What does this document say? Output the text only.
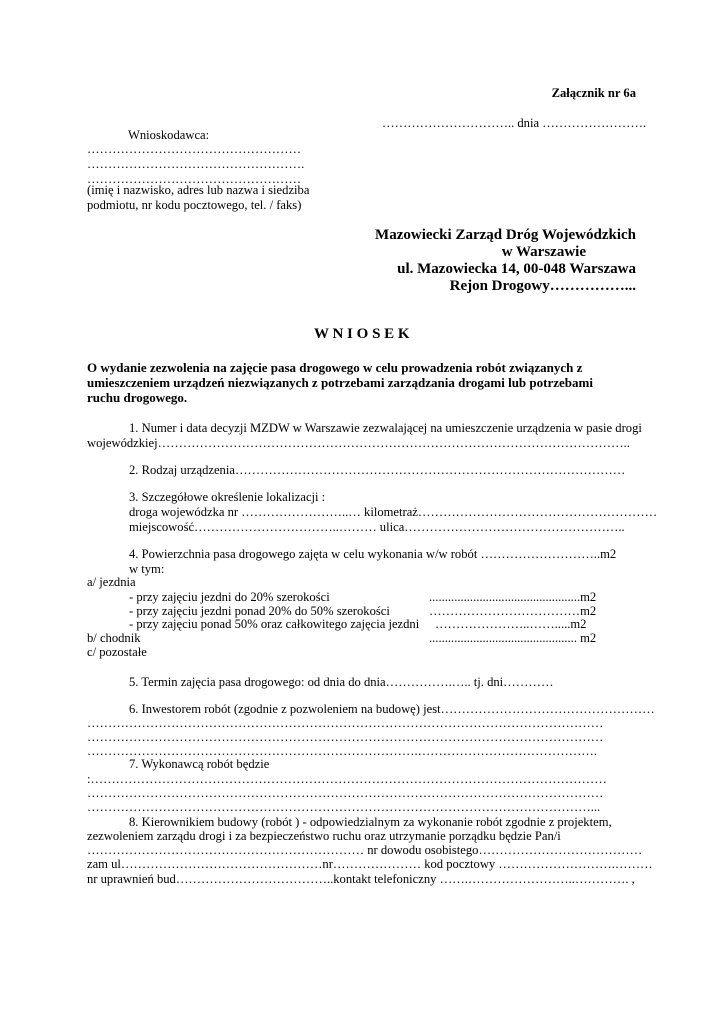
Załącznik nr 6a
………………………….. dnia …………………….
Wnioskodawca:
……………………………………………
…………………………………………….
……………………………………………
(imię i nazwisko, adres lub nazwa i siedziba
podmiotu, nr kodu pocztowego, tel. / faks)
Mazowiecki Zarząd Dróg Wojewódzkich
w Warszawie
ul. Mazowiecka 14, 00-048 Warszawa
Rejon Drogowy……………...
W N I O S E K
O wydanie zezwolenia na zajęcie pasa drogowego w celu prowadzenia robót związanych z
umieszczeniem urządzeń niezwiązanych z potrzebami zarządzania drogami lub potrzebami
ruchu drogowego.
1. Numer i data decyzji MZDW w Warszawie zezwalającej na umieszczenie urządzenia w pasie drogi
wojewódzkiej…………………………………………………………………………………………………..
2. Rodzaj urządzenia…………………………………………………………………………………
3. Szczegółowe określenie lokalizacji :
droga wojewódzka nr ……………………..… kilometraż…………………………………………………
miejscowość……………………………..……… ulica……………………………………………..
4. Powierzchnia pasa drogowego zajęta w celu wykonania w/w robót ………………………..m2
w tym:
a/ jezdnia
- przy zajęciu jezdni do 20% szerokości	................................................m2
- przy zajęciu jezdni ponad 20% do 50% szerokości	………………………………m2
- przy zajęciu ponad 50% oraz całkowitego zajęcia jezdni …………………..…….....m2
b/ chodnik	............................................... m2
c/ pozostałe
5. Termin zajęcia pasa drogowego: od dnia do dnia…………….….. tj. dni…………
6. Inwestorem robót (zgodnie z pozwoleniem na budowę) jest……………………………………………
……………………………………………………………………………………………………………
……………………………………………………………………………………………………………
…………………………………………………………………….…………………………………….
7. Wykonawcą robót będzie
:……………………………………………………………………………………………………………
……………………………………………………………………………………………………………
…………………………………………………………………………………………………………...
8. Kierownikiem budowy (robót ) - odpowiedzialnym za wykonanie robót zgodnie z projektem,
zezwoleniem zarządu drogi i za bezpieczeństwo ruchu oraz utrzymanie porządku będzie Pan/i
………………………………………………………… nr dowodu osobistego…………………………………
zam ul…………………………………………nr………………… kod pocztowy ……………………….………
nr uprawnień bud………………………………..kontakt telefoniczny …….……………………..…………. ,
